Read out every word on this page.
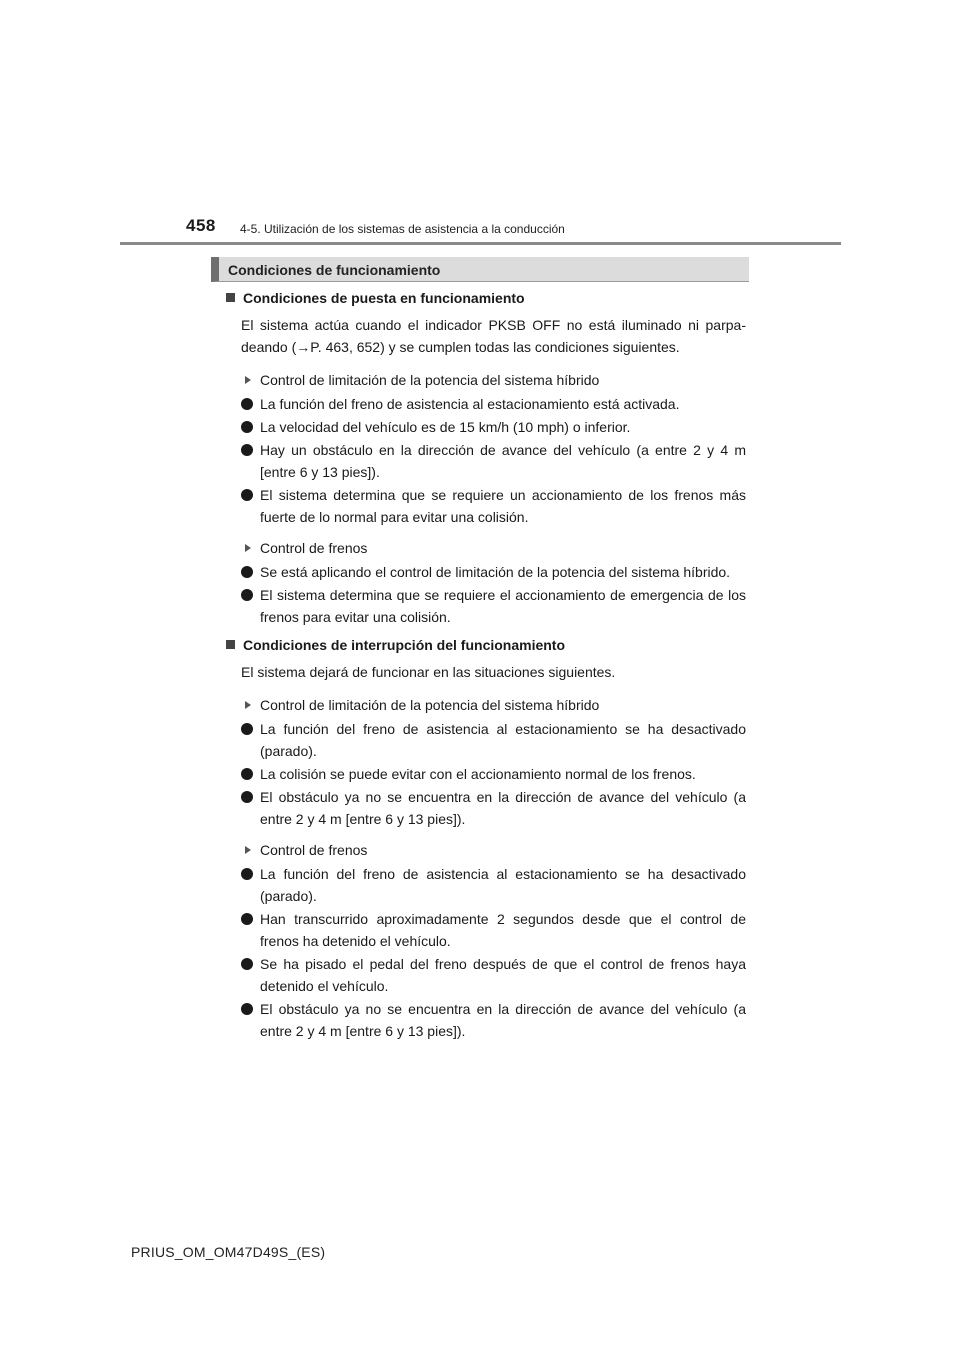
458 4-5. Utilización de los sistemas de asistencia a la conducción
Condiciones de funcionamiento
Condiciones de puesta en funcionamiento
El sistema actúa cuando el indicador PKSB OFF no está iluminado ni parpa-deando (→P. 463, 652) y se cumplen todas las condiciones siguientes.
Control de limitación de la potencia del sistema híbrido
La función del freno de asistencia al estacionamiento está activada.
La velocidad del vehículo es de 15 km/h (10 mph) o inferior.
Hay un obstáculo en la dirección de avance del vehículo (a entre 2 y 4 m [entre 6 y 13 pies]).
El sistema determina que se requiere un accionamiento de los frenos más fuerte de lo normal para evitar una colisión.
Control de frenos
Se está aplicando el control de limitación de la potencia del sistema híbrido.
El sistema determina que se requiere el accionamiento de emergencia de los frenos para evitar una colisión.
Condiciones de interrupción del funcionamiento
El sistema dejará de funcionar en las situaciones siguientes.
Control de limitación de la potencia del sistema híbrido
La función del freno de asistencia al estacionamiento se ha desactivado (parado).
La colisión se puede evitar con el accionamiento normal de los frenos.
El obstáculo ya no se encuentra en la dirección de avance del vehículo (a entre 2 y 4 m [entre 6 y 13 pies]).
Control de frenos
La función del freno de asistencia al estacionamiento se ha desactivado (parado).
Han transcurrido aproximadamente 2 segundos desde que el control de frenos ha detenido el vehículo.
Se ha pisado el pedal del freno después de que el control de frenos haya detenido el vehículo.
El obstáculo ya no se encuentra en la dirección de avance del vehículo (a entre 2 y 4 m [entre 6 y 13 pies]).
PRIUS_OM_OM47D49S_(ES)
